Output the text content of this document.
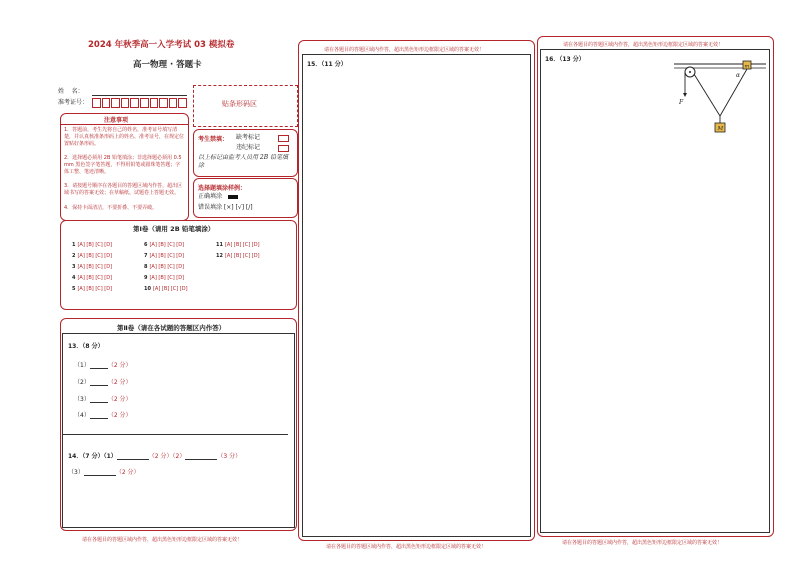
2024 年秋季高一入学考试 03 模拟卷
高一物理 · 答题卡
姓    名：
准考证号：	贴条形码区
注意事项
1．答题前，考生先将自己的姓名，准考证号填写清楚，并认真核准条形码上的姓名、准考证号，在规定位置贴好条形码。
2．选择题必须用 2B 铅笔填涂；非选择题必须用 0.5 mm 黑色签字笔答题，不得用铅笔或圆珠笔答题；字体工整、笔迹清晰。
3．请按题号顺序在各题目的答题区域内作答，超出区域书写的答案无效；在草稿纸、试题卷上答题无效。
4．保持卡面清洁，不要折叠、不要弄破。
考生禁填： 缺考标记
违纪标记
以上标记由监考人员用 2B 铅笔填涂
选择题填涂样例：
正确填涂
错误填涂 [×] [√] [/]
第Ⅰ卷（请用 2B 铅笔填涂）
1 [A] [B] [C] [D]
2 [A] [B] [C] [D]
3 [A] [B] [C] [D]
4 [A] [B] [C] [D]
5 [A] [B] [C] [D]
6 [A] [B] [C] [D]
7 [A] [B] [C] [D]
8 [A] [B] [C] [D]
9 [A] [B] [C] [D]
10 [A] [B] [C] [D]
11 [A] [B] [C] [D]
12 [A] [B] [C] [D]
第Ⅱ卷（请在各试题的答题区内作答）
13．（8 分）
（1）	（2 分）
（2）	（2 分）
（3）	（2 分）
（4）	（2 分）
14．（7 分）（1）	（2 分）（2）	（3 分）
（3）	（2 分）
请在各题目的答题区域内作答，超出黑色矩形边框限定区域的答案无效！
请在各题目的答题区域内作答，超出黑色矩形边框限定区域的答案无效！
15．（11 分）
请在各题目的答题区域内作答，超出黑色矩形边框限定区域的答案无效！
请在各题目的答题区域内作答，超出黑色矩形边框限定区域的答案无效！
16．（13 分）
F
α
m
M
请在各题目的答题区域内作答，超出黑色矩形边框限定区域的答案无效！
